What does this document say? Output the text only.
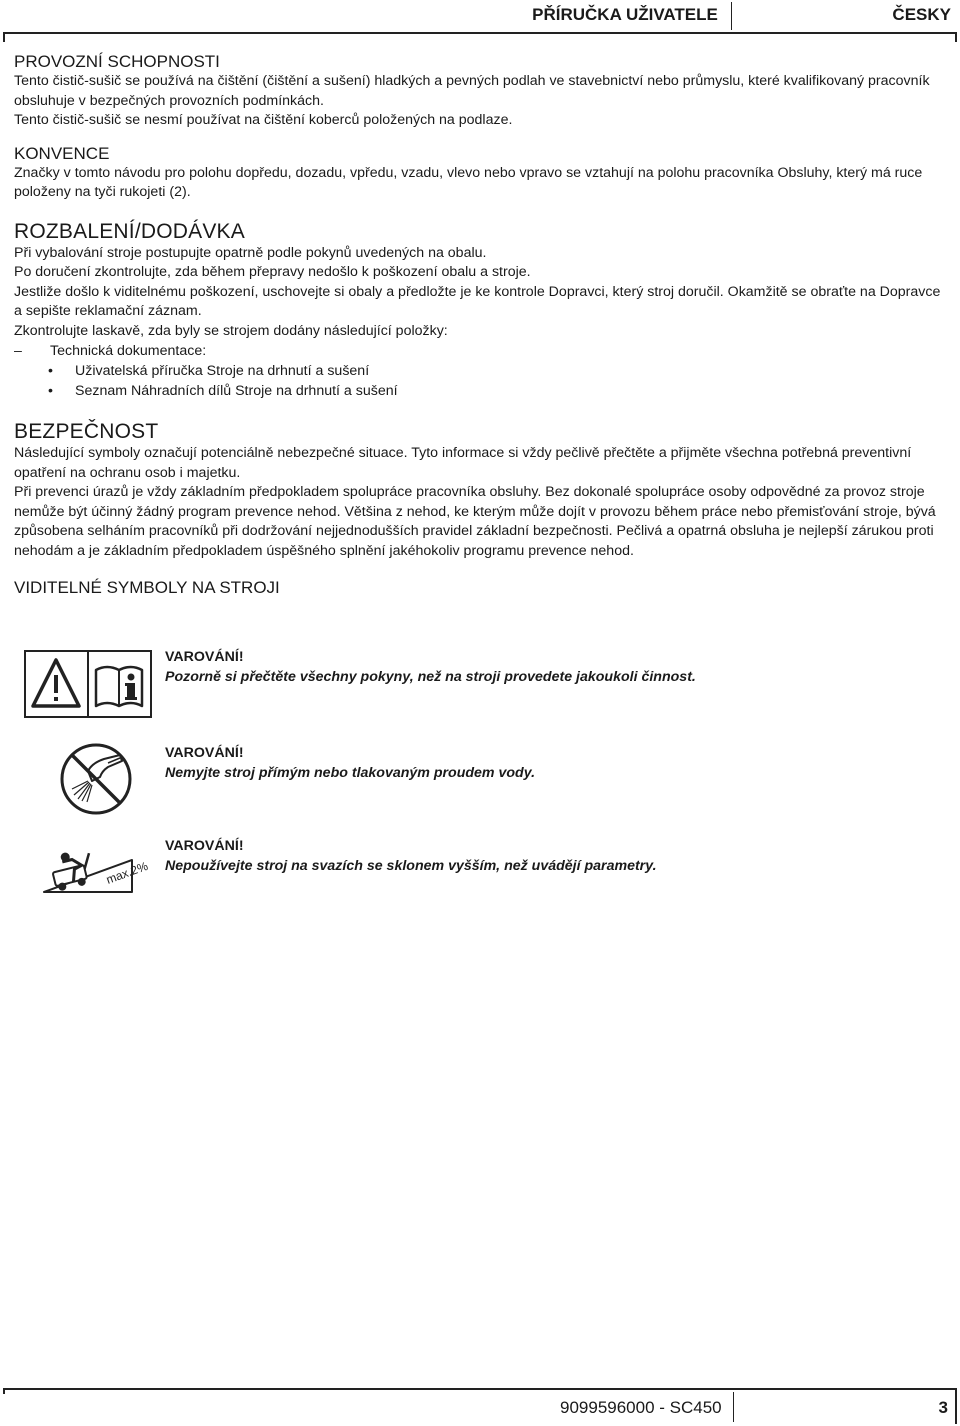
PŘÍRUČKA UŽIVATELE	ČESKY
PROVOZNÍ SCHOPNOSTI

Tento čistič-sušič se používá na čištění (čištění a sušení) hladkých a pevných podlah ve stavebnictví nebo průmyslu, které kvalifikovaný pracovník obsluhuje v bezpečných provozních podmínkách.

Tento čistič-sušič se nesmí používat na čištění koberců položených na podlaze.

KONVENCE

Značky v tomto návodu pro polohu dopředu, dozadu, vpředu, vzadu, vlevo nebo vpravo se vztahují na polohu pracovníka Obsluhy, který má ruce položeny na tyči rukojeti (2).

ROZBALENÍ/DODÁVKA

Při vybalování stroje postupujte opatrně podle pokynů uvedených na obalu.

Po doručení zkontrolujte, zda během přepravy nedošlo k poškození obalu a stroje.

Jestliže došlo k viditelnému poškození, uschovejte si obaly a předložte je ke kontrole Dopravci, který stroj doručil. Okamžitě se obraťte na Dopravce a sepište reklamační záznam.

Zkontrolujte laskavě, zda byly se strojem dodány následující položky:

–	Technická dokumentace:
•	Uživatelská příručka Stroje na drhnutí a sušení
•	Seznam Náhradních dílů Stroje na drhnutí a sušení
BEZPEČNOST

Následující symboly označují potenciálně nebezpečné situace. Tyto informace si vždy pečlivě přečtěte a přijměte všechna potřebná preventivní opatření na ochranu osob i majetku.

Při prevenci úrazů je vždy základním předpokladem spolupráce pracovníka obsluhy. Bez dokonalé spolupráce osoby odpovědné za provoz stroje nemůže být účinný žádný program prevence nehod. Většina z nehod, ke kterým může dojít v provozu během práce nebo přemisťování stroje, bývá způsobena selháním pracovníků při dodržování nejjednodušších pravidel základní bezpečnosti. Pečlivá a opatrná obsluha je nejlepší zárukou proti nehodám a je základním předpokladem úspěšného splnění jakéhokoliv programu prevence nehod.

VIDITELNÉ SYMBOLY NA STROJI
VAROVÁNÍ!
Pozorně si přečtěte všechny pokyny, než na stroji provedete jakoukoli činnost.
VAROVÁNÍ!
Nemyjte stroj přímým nebo tlakovaným proudem vody.
max.2%
VAROVÁNÍ!
Nepoužívejte stroj na svazích se sklonem vyšším, než uvádějí parametry.
9099596000 - SC450	3
